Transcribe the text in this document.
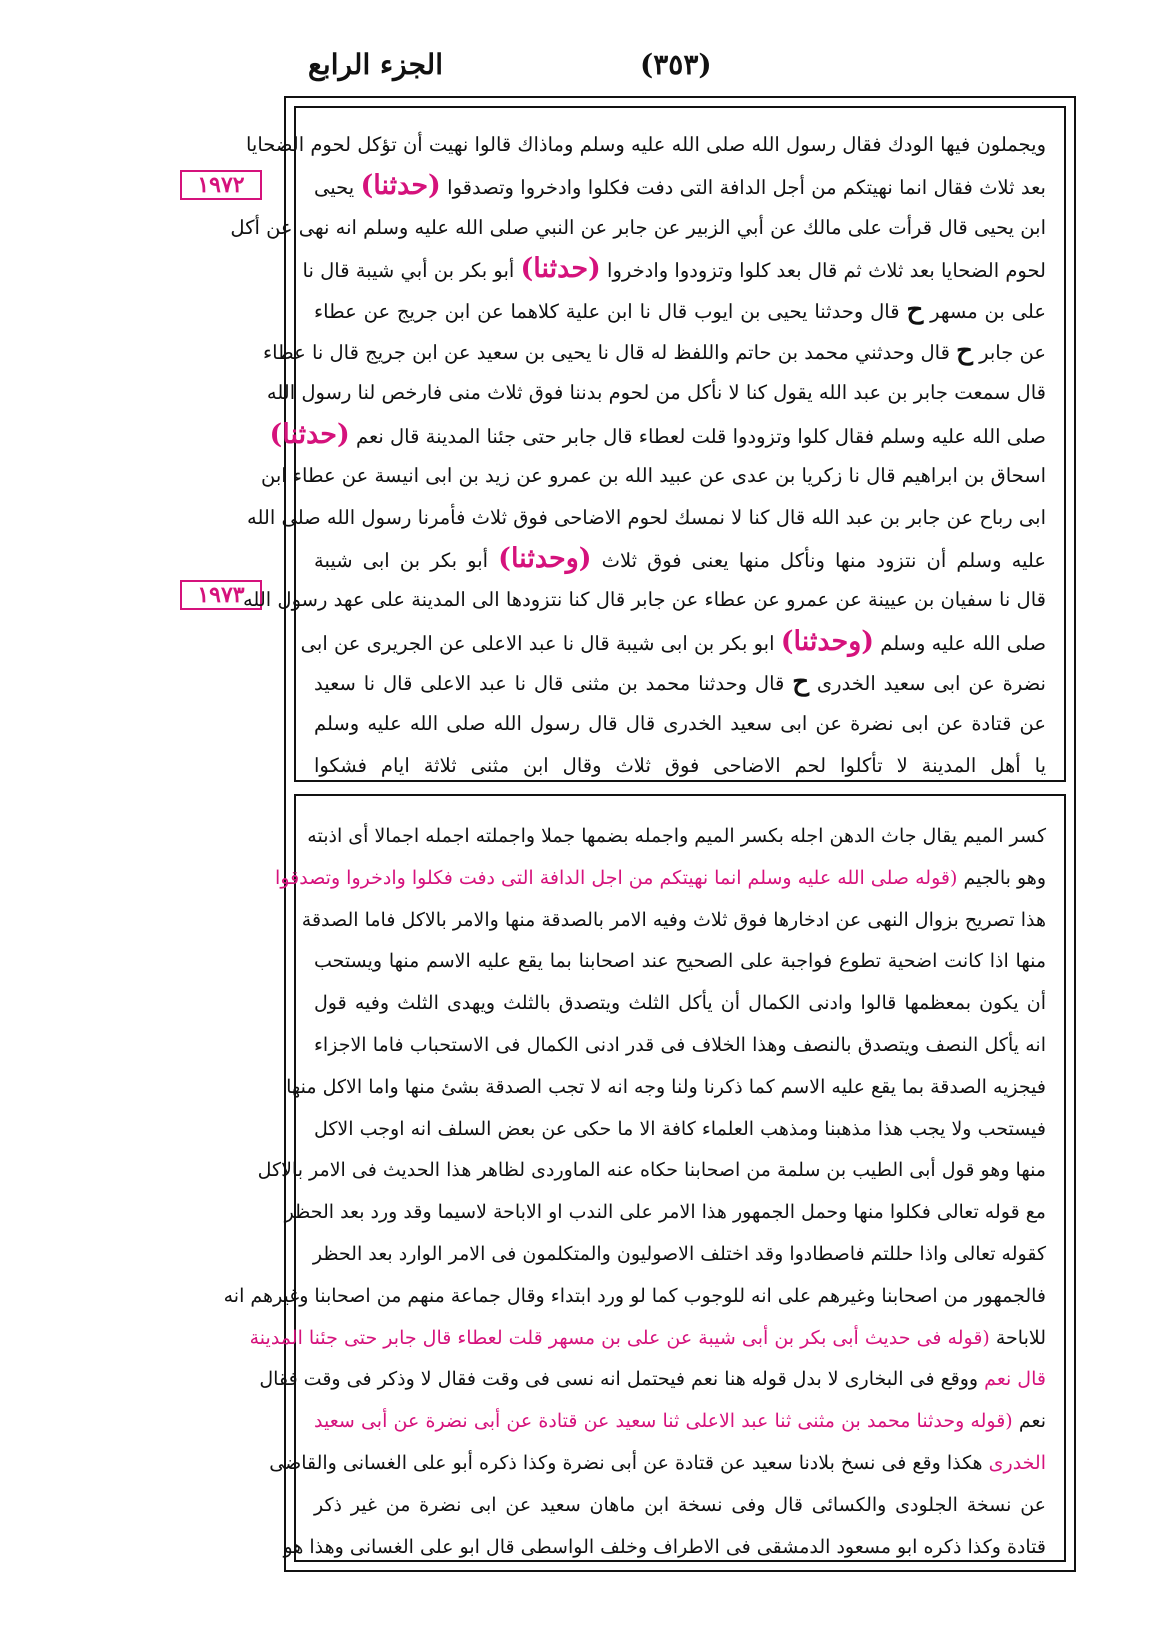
الجزء الرابع	(٣٥٣)
١٩٧٢
١٩٧٣
ويجملون فيها الودك فقال رسول الله صلى الله عليه وسلم وماذاك قالوا نهيت أن تؤكل لحوم الضحايا
بعد ثلاث فقال انما نهيتكم من أجل الدافة التى دفت فكلوا وادخروا وتصدقوا (حدثنا) يحيى
ابن يحيى قال قرأت على مالك عن أبي الزبير عن جابر عن النبي صلى الله عليه وسلم انه نهى عن أكل
لحوم الضحايا بعد ثلاث ثم قال بعد كلوا وتزودوا وادخروا (حدثنا) أبو بكر بن أبي شيبة قال نا
على بن مسهر ح قال وحدثنا يحيى بن ايوب قال نا ابن علية كلاهما عن ابن جريج عن عطاء
عن جابر ح قال وحدثني محمد بن حاتم واللفظ له قال نا يحيى بن سعيد عن ابن جريج قال نا عطاء
قال سمعت جابر بن عبد الله يقول كنا لا نأكل من لحوم بدننا فوق ثلاث منى فارخص لنا رسول الله
صلى الله عليه وسلم فقال كلوا وتزودوا قلت لعطاء قال جابر حتى جئنا المدينة قال نعم (حدثنا)
اسحاق بن ابراهيم قال نا زكريا بن عدى عن عبيد الله بن عمرو عن زيد بن ابى انيسة عن عطاء ابن
ابى رباح عن جابر بن عبد الله قال كنا لا نمسك لحوم الاضاحى فوق ثلاث فأمرنا رسول الله صلى الله
عليه وسلم أن نتزود منها ونأكل منها يعنى فوق ثلاث (وحدثنا) أبو بكر بن ابى شيبة
قال نا سفيان بن عيينة عن عمرو عن عطاء عن جابر قال كنا نتزودها الى المدينة على عهد رسول الله
صلى الله عليه وسلم (وحدثنا) ابو بكر بن ابى شيبة قال نا عبد الاعلى عن الجريرى عن ابى
نضرة عن ابى سعيد الخدرى ح قال وحدثنا محمد بن مثنى قال نا عبد الاعلى قال نا سعيد
عن قتادة عن ابى نضرة عن ابى سعيد الخدرى قال قال رسول الله صلى الله عليه وسلم
يا أهل المدينة لا تأكلوا لحم الاضاحى فوق ثلاث وقال ابن مثنى ثلاثة ايام فشكوا
كسر الميم يقال جاث الدهن اجله بكسر الميم واجمله بضمها جملا واجملته اجمله اجمالا أى اذبته
وهو بالجيم (قوله صلى الله عليه وسلم انما نهيتكم من اجل الدافة التى دفت فكلوا وادخروا وتصدقوا
هذا تصريح بزوال النهى عن ادخارها فوق ثلاث وفيه الامر بالصدقة منها والامر بالاكل فاما الصدقة
منها اذا كانت اضحية تطوع فواجبة على الصحيح عند اصحابنا بما يقع عليه الاسم منها ويستحب
أن يكون بمعظمها قالوا وادنى الكمال أن يأكل الثلث ويتصدق بالثلث ويهدى الثلث وفيه قول
انه يأكل النصف ويتصدق بالنصف وهذا الخلاف فى قدر ادنى الكمال فى الاستحباب فاما الاجزاء
فيجزيه الصدقة بما يقع عليه الاسم كما ذكرنا ولنا وجه انه لا تجب الصدقة بشئ منها واما الاكل منها
فيستحب ولا يجب هذا مذهبنا ومذهب العلماء كافة الا ما حكى عن بعض السلف انه اوجب الاكل
منها وهو قول أبى الطيب بن سلمة من اصحابنا حكاه عنه الماوردى لظاهر هذا الحديث فى الامر بالاكل
مع قوله تعالى فكلوا منها وحمل الجمهور هذا الامر على الندب او الاباحة لاسيما وقد ورد بعد الحظر
كقوله تعالى واذا حللتم فاصطادوا وقد اختلف الاصوليون والمتكلمون فى الامر الوارد بعد الحظر
فالجمهور من اصحابنا وغيرهم على انه للوجوب كما لو ورد ابتداء وقال جماعة منهم من اصحابنا وغيرهم انه
للاباحة (قوله فى حديث أبى بكر بن أبى شيبة عن على بن مسهر قلت لعطاء قال جابر حتى جئنا المدينة
قال نعم ووقع فى البخارى لا بدل قوله هنا نعم فيحتمل انه نسى فى وقت فقال لا وذكر فى وقت فقال
نعم (قوله وحدثنا محمد بن مثنى ثنا عبد الاعلى ثنا سعيد عن قتادة عن أبى نضرة عن أبى سعيد
الخدرى هكذا وقع فى نسخ بلادنا سعيد عن قتادة عن أبى نضرة وكذا ذكره أبو على الغسانى والقاضى
عن نسخة الجلودى والكسائى قال وفى نسخة ابن ماهان سعيد عن ابى نضرة من غير ذكر
قتادة وكذا ذكره ابو مسعود الدمشقى فى الاطراف وخلف الواسطى قال ابو على الغسانى وهذا هو
